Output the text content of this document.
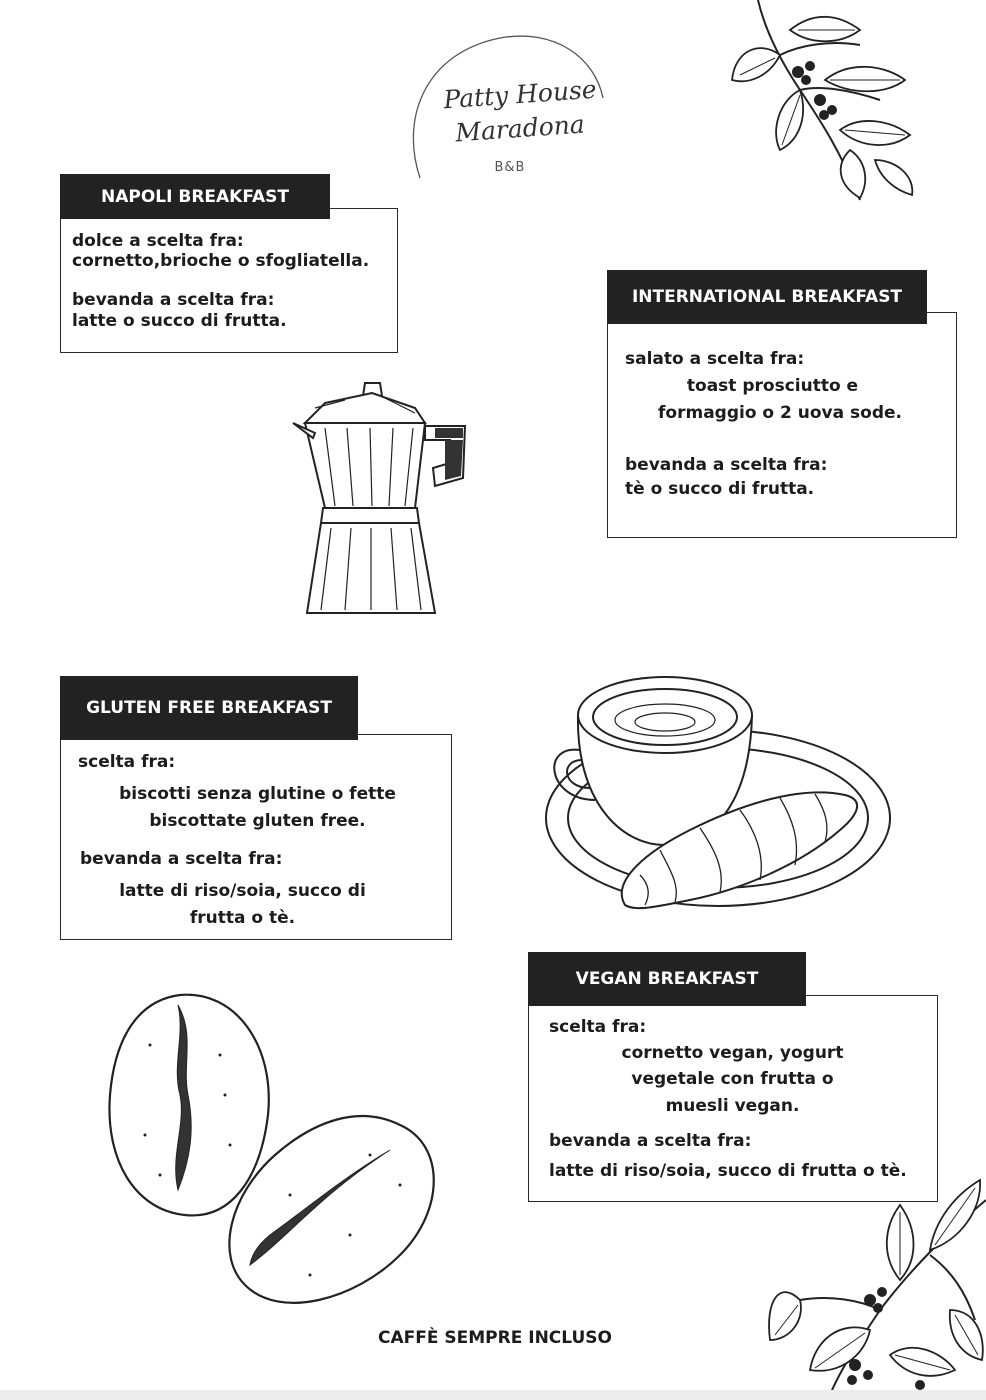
Patty House
Maradona
B&B
NAPOLI BREAKFAST
dolce a scelta fra:
cornetto,brioche o sfogliatella.
bevanda a scelta fra:
latte o succo di frutta.
INTERNATIONAL BREAKFAST
salato a scelta fra:
toast prosciutto e
formaggio o 2 uova sode.
bevanda a scelta fra:
tè o succo di frutta.
GLUTEN FREE BREAKFAST
scelta fra:
biscotti senza glutine o fette
biscottate gluten free.
bevanda a scelta fra:
latte di riso/soia, succo di
frutta o tè.
VEGAN BREAKFAST
scelta fra:
cornetto vegan, yogurt
vegetale con frutta o
muesli vegan.
bevanda a scelta fra:
latte di riso/soia, succo di frutta o tè.
CAFFÈ SEMPRE INCLUSO
